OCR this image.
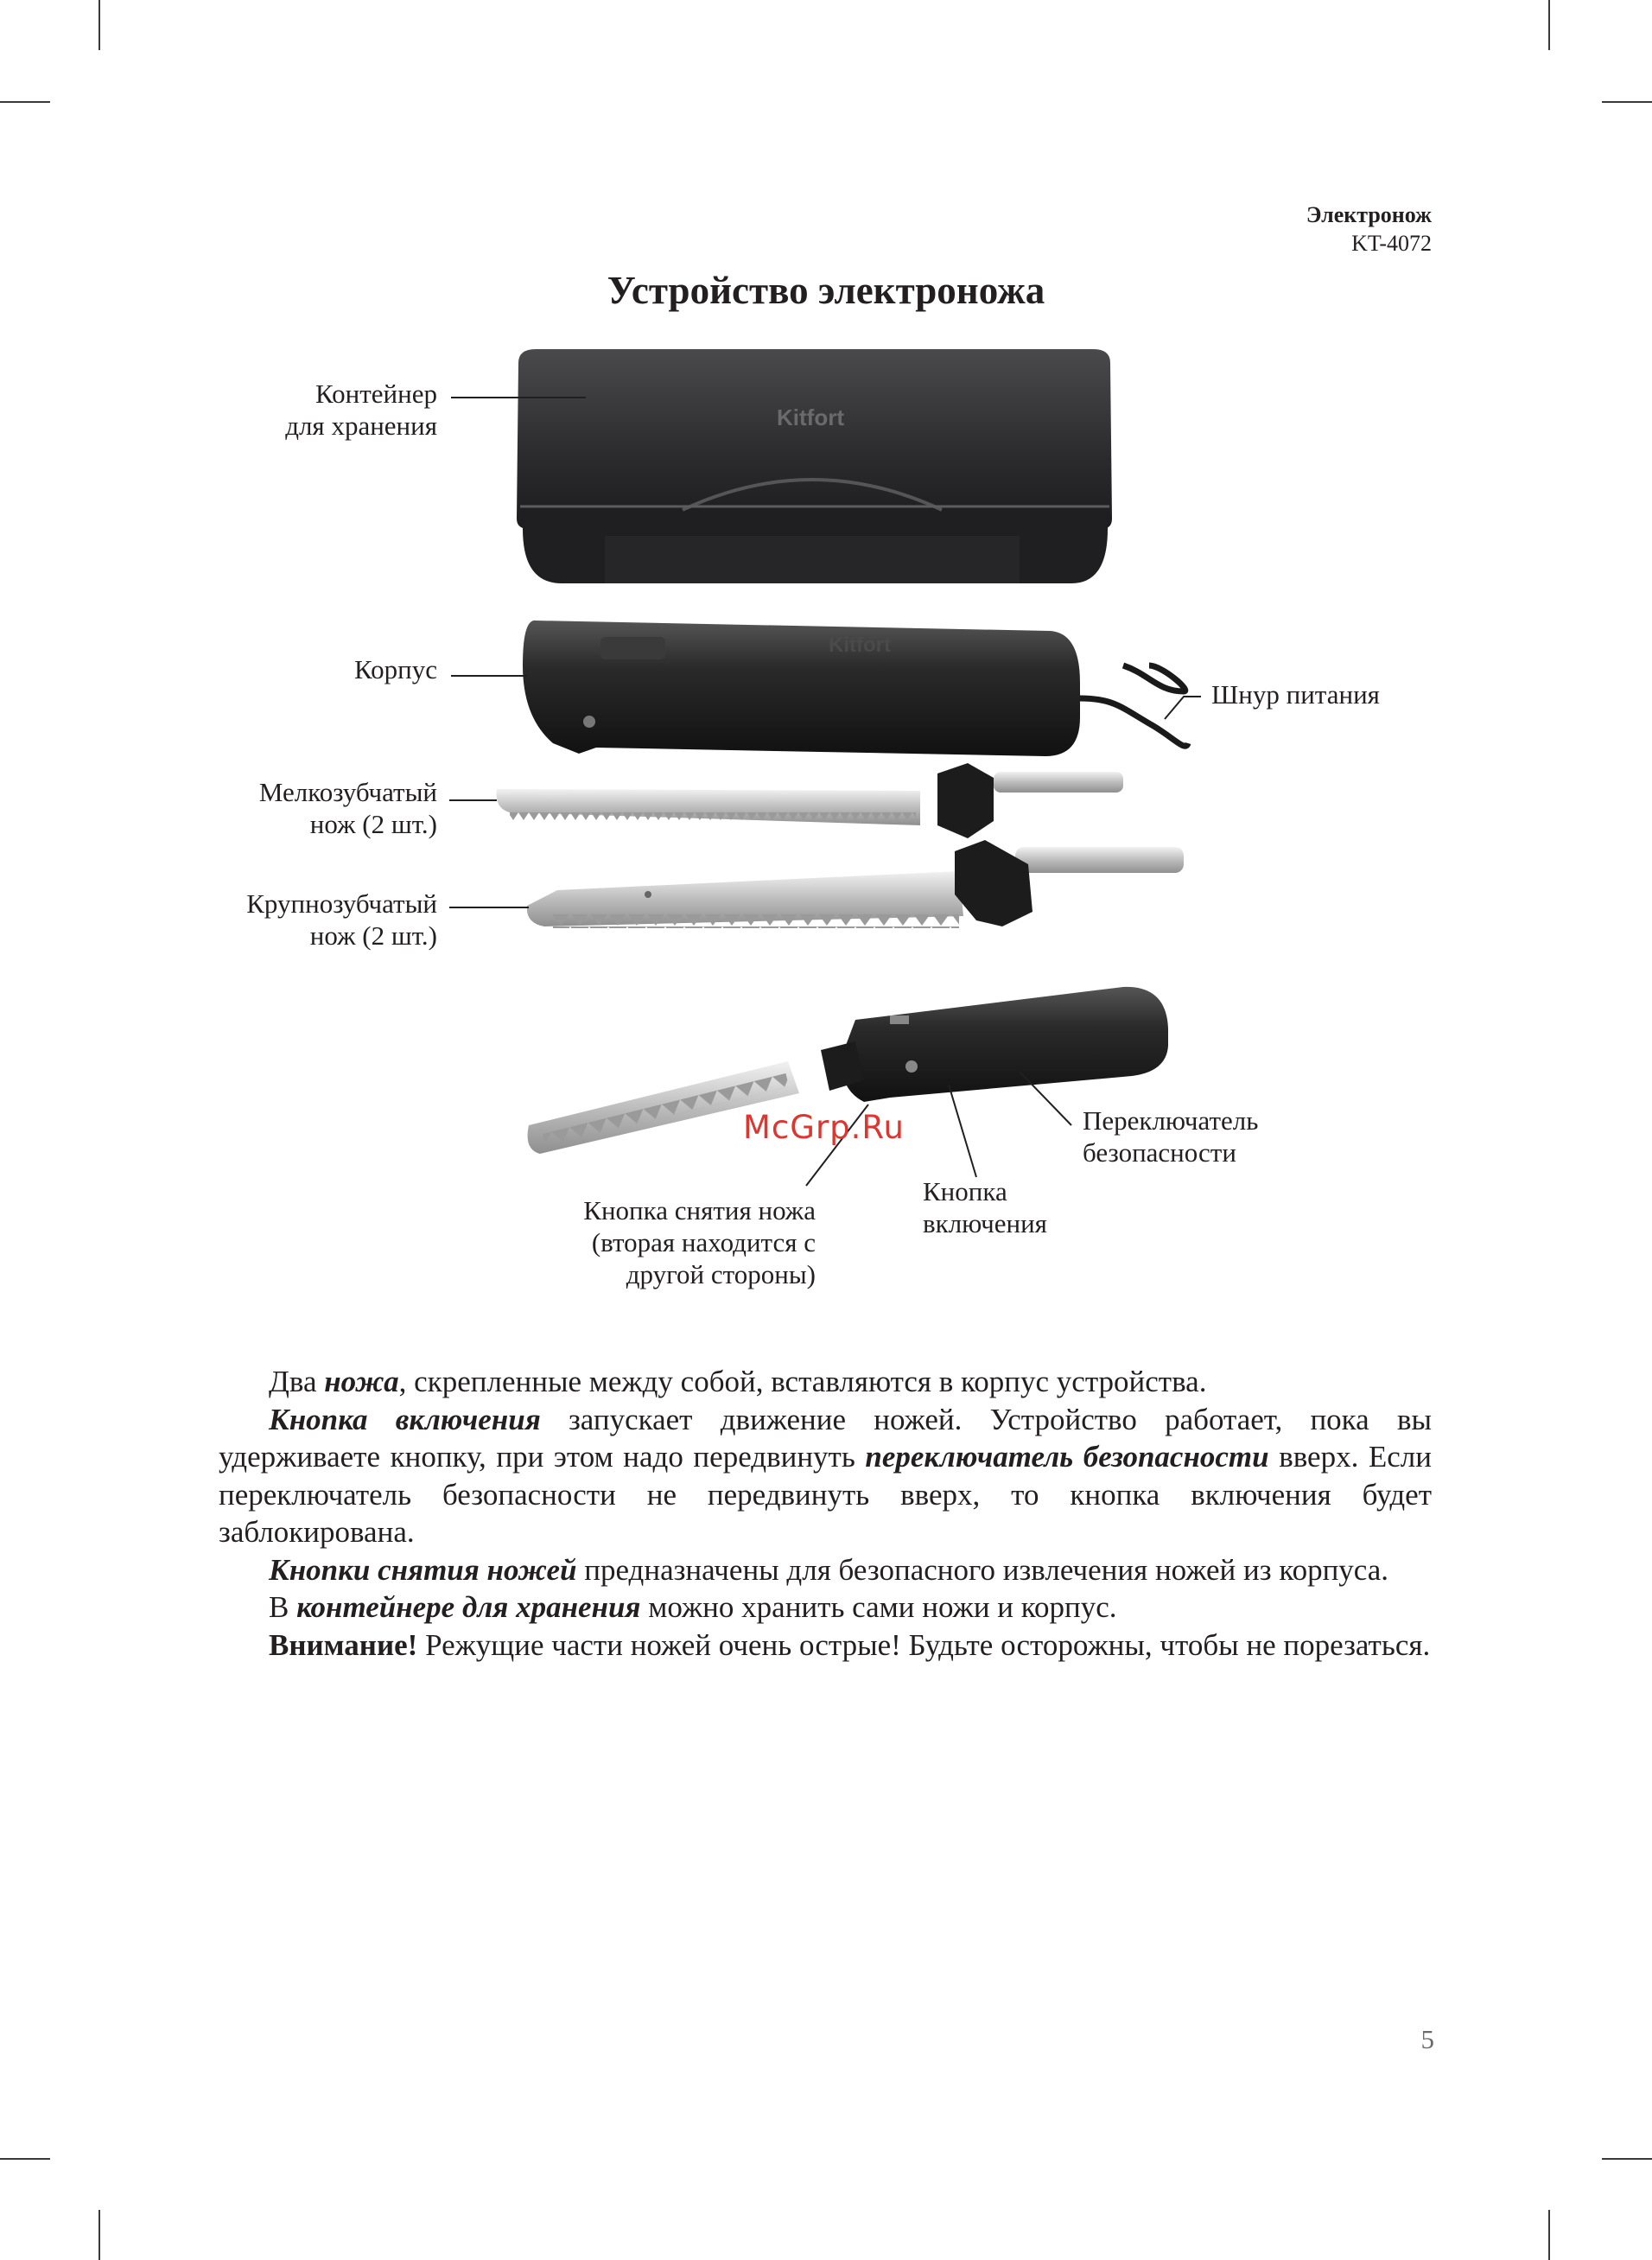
Электронож
KT-4072
Устройство электроножа
Kitfort
Kitfort
Контейнер
для хранения
Корпус
Шнур питания
Мелкозубчатый
нож (2 шт.)
Крупнозубчатый
нож (2 шт.)
Переключатель
безопасности
Кнопка
включения
Кнопка снятия ножа
(вторая находится с
другой стороны)
McGrp.Ru

Два ножа, скрепленные между собой, вставляются в корпус устройства.

Кнопка включения запускает движение ножей. Устройство работает, пока вы удерживаете кнопку, при этом надо передвинуть переключатель безопасности вверх. Если переключатель безопасности не передвинуть вверх, то кнопка включения будет заблокирована.

Кнопки снятия ножей предназначены для безопасного извлечения ножей из корпуса.

В контейнере для хранения можно хранить сами ножи и корпус.

Внимание! Режущие части ножей очень острые! Будьте осторожны, чтобы не порезаться.

5
